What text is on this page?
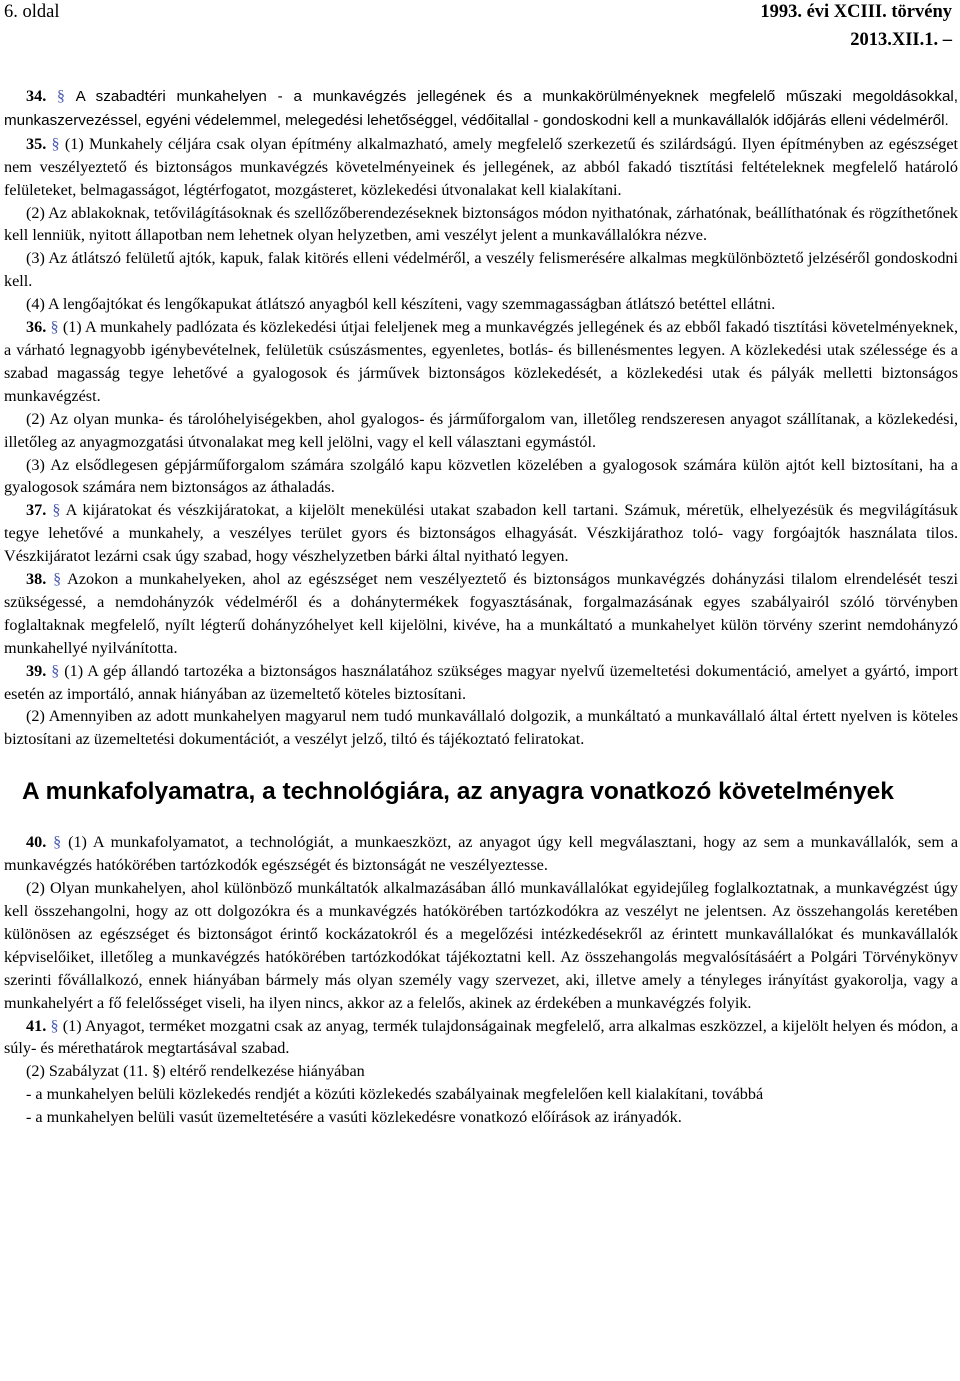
6. oldal	1993. évi XCIII. törvény
2013.XII.1. –

34. § A szabadtéri munkahelyen - a munkavégzés jellegének és a munkakörülményeknek megfelelő műszaki megoldásokkal, munkaszervezéssel, egyéni védelemmel, melegedési lehetőséggel, védőitallal - gondoskodni kell a munkavállalók időjárás elleni védelméről.

35. § (1) Munkahely céljára csak olyan építmény alkalmazható, amely megfelelő szerkezetű és szilárdságú. Ilyen építményben az egészséget nem veszélyeztető és biztonságos munkavégzés követelményeinek és jellegének, az abból fakadó tisztítási feltételeknek megfelelő határoló felületeket, belmagasságot, légtérfogatot, mozgásteret, közlekedési útvonalakat kell kialakítani.

(2) Az ablakoknak, tetővilágításoknak és szellőzőberendezéseknek biztonságos módon nyithatónak, zárhatónak, beállíthatónak és rögzíthetőnek kell lenniük, nyitott állapotban nem lehetnek olyan helyzetben, ami veszélyt jelent a munkavállalókra nézve.

(3) Az átlátszó felületű ajtók, kapuk, falak kitörés elleni védelméről, a veszély felismerésére alkalmas megkülönböztető jelzéséről gondoskodni kell.

(4) A lengőajtókat és lengőkapukat átlátszó anyagból kell készíteni, vagy szemmagasságban átlátszó betéttel ellátni.

36. § (1) A munkahely padlózata és közlekedési útjai feleljenek meg a munkavégzés jellegének és az ebből fakadó tisztítási követelményeknek, a várható legnagyobb igénybevételnek, felületük csúszásmentes, egyenletes, botlás- és billenésmentes legyen. A közlekedési utak szélessége és a szabad magasság tegye lehetővé a gyalogosok és járművek biztonságos közlekedését, a közlekedési utak és pályák melletti biztonságos munkavégzést.

(2) Az olyan munka- és tárolóhelyiségekben, ahol gyalogos- és járműforgalom van, illetőleg rendszeresen anyagot szállítanak, a közlekedési, illetőleg az anyagmozgatási útvonalakat meg kell jelölni, vagy el kell választani egymástól.

(3) Az elsődlegesen gépjárműforgalom számára szolgáló kapu közvetlen közelében a gyalogosok számára külön ajtót kell biztosítani, ha a gyalogosok számára nem biztonságos az áthaladás.

37. § A kijáratokat és vészkijáratokat, a kijelölt menekülési utakat szabadon kell tartani. Számuk, méretük, elhelyezésük és megvilágításuk tegye lehetővé a munkahely, a veszélyes terület gyors és biztonságos elhagyását. Vészkijárathoz toló- vagy forgóajtók használata tilos. Vészkijáratot lezárni csak úgy szabad, hogy vészhelyzetben bárki által nyitható legyen.

38. § Azokon a munkahelyeken, ahol az egészséget nem veszélyeztető és biztonságos munkavégzés dohányzási tilalom elrendelését teszi szükségessé, a nemdohányzók védelméről és a dohánytermékek fogyasztásának, forgalmazásának egyes szabályairól szóló törvényben foglaltaknak megfelelő, nyílt légterű dohányzóhelyet kell kijelölni, kivéve, ha a munkáltató a munkahelyet külön törvény szerint nemdohányzó munkahellyé nyilvánította.

39. § (1) A gép állandó tartozéka a biztonságos használatához szükséges magyar nyelvű üzemeltetési dokumentáció, amelyet a gyártó, import esetén az importáló, annak hiányában az üzemeltető köteles biztosítani.

(2) Amennyiben az adott munkahelyen magyarul nem tudó munkavállaló dolgozik, a munkáltató a munkavállaló által értett nyelven is köteles biztosítani az üzemeltetési dokumentációt, a veszélyt jelző, tiltó és tájékoztató feliratokat.

A munkafolyamatra, a technológiára, az anyagra vonatkozó követelmények

40. § (1) A munkafolyamatot, a technológiát, a munkaeszközt, az anyagot úgy kell megválasztani, hogy az sem a munkavállalók, sem a munkavégzés hatókörében tartózkodók egészségét és biztonságát ne veszélyeztesse.

(2) Olyan munkahelyen, ahol különböző munkáltatók alkalmazásában álló munkavállalókat egyidejűleg foglalkoztatnak, a munkavégzést úgy kell összehangolni, hogy az ott dolgozókra és a munkavégzés hatókörében tartózkodókra az veszélyt ne jelentsen. Az összehangolás keretében különösen az egészséget és biztonságot érintő kockázatokról és a megelőzési intézkedésekről az érintett munkavállalókat és munkavállalók képviselőiket, illetőleg a munkavégzés hatókörében tartózkodókat tájékoztatni kell. Az összehangolás megvalósításáért a Polgári Törvénykönyv szerinti fővállalkozó, ennek hiányában bármely más olyan személy vagy szervezet, aki, illetve amely a tényleges irányítást gyakorolja, vagy a munkahelyért a fő felelősséget viseli, ha ilyen nincs, akkor az a felelős, akinek az érdekében a munkavégzés folyik.

41. § (1) Anyagot, terméket mozgatni csak az anyag, termék tulajdonságainak megfelelő, arra alkalmas eszközzel, a kijelölt helyen és módon, a súly- és mérethatárok megtartásával szabad.

(2) Szabályzat (11. §) eltérő rendelkezése hiányában

- a munkahelyen belüli közlekedés rendjét a közúti közlekedés szabályainak megfelelően kell kialakítani, továbbá

- a munkahelyen belüli vasút üzemeltetésére a vasúti közlekedésre vonatkozó előírások az irányadók.
